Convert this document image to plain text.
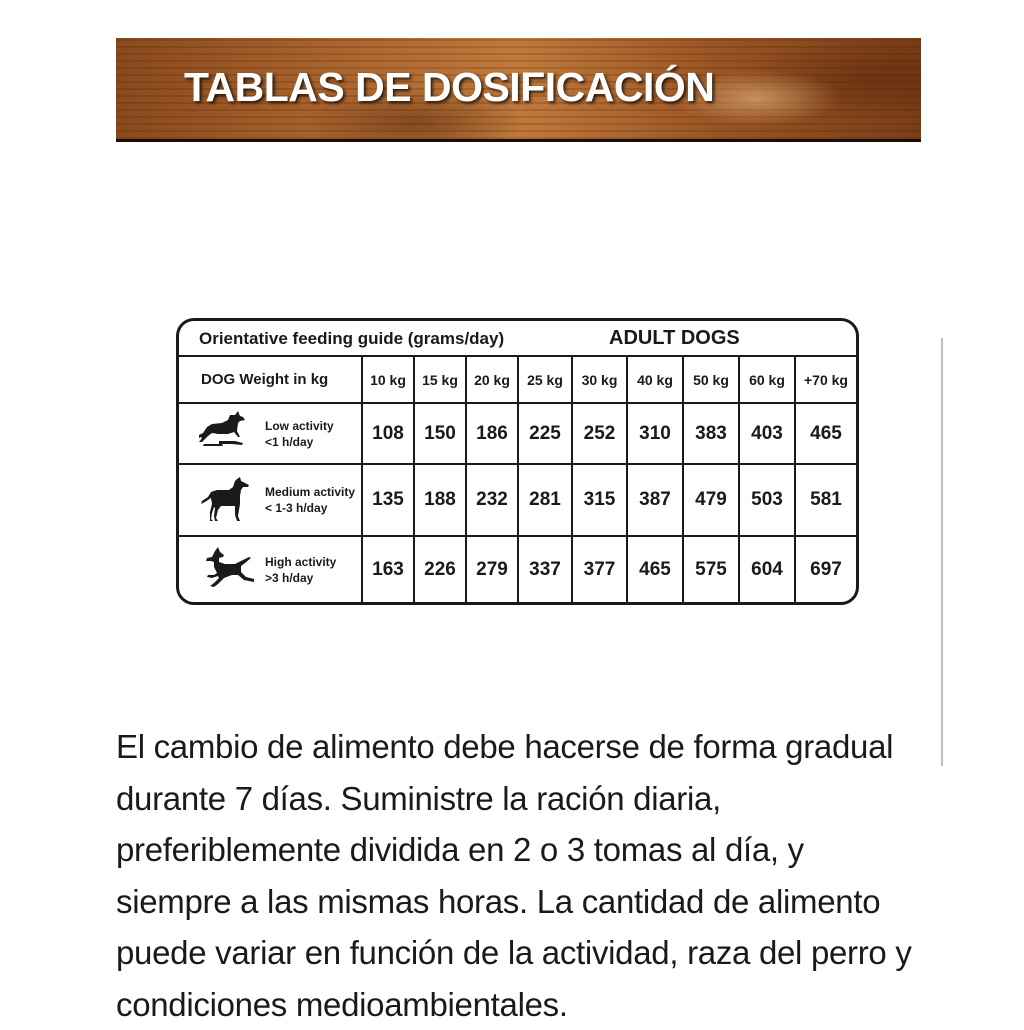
TABLAS DE DOSIFICACIÓN
Orientative feeding guide (grams/day)	ADULT DOGS
DOG Weight in kg	10 kg	15 kg	20 kg	25 kg	30 kg	40 kg	50 kg	60 kg	+70 kg

Low activity
<1 h/day	108	150	186	225	252	310	383	403	465

Medium activity
< 1-3 h/day	135	188	232	281	315	387	479	503	581

High activity
>3 h/day	163	226	279	337	377	465	575	604	697

El cambio de alimento debe hacerse de forma gradual durante 7 días. Suministre la ración diaria, preferiblemente dividida en 2 o 3 tomas al día, y siempre a las mismas horas. La cantidad de alimento puede variar en función de la actividad, raza del perro y condiciones medioambientales.
